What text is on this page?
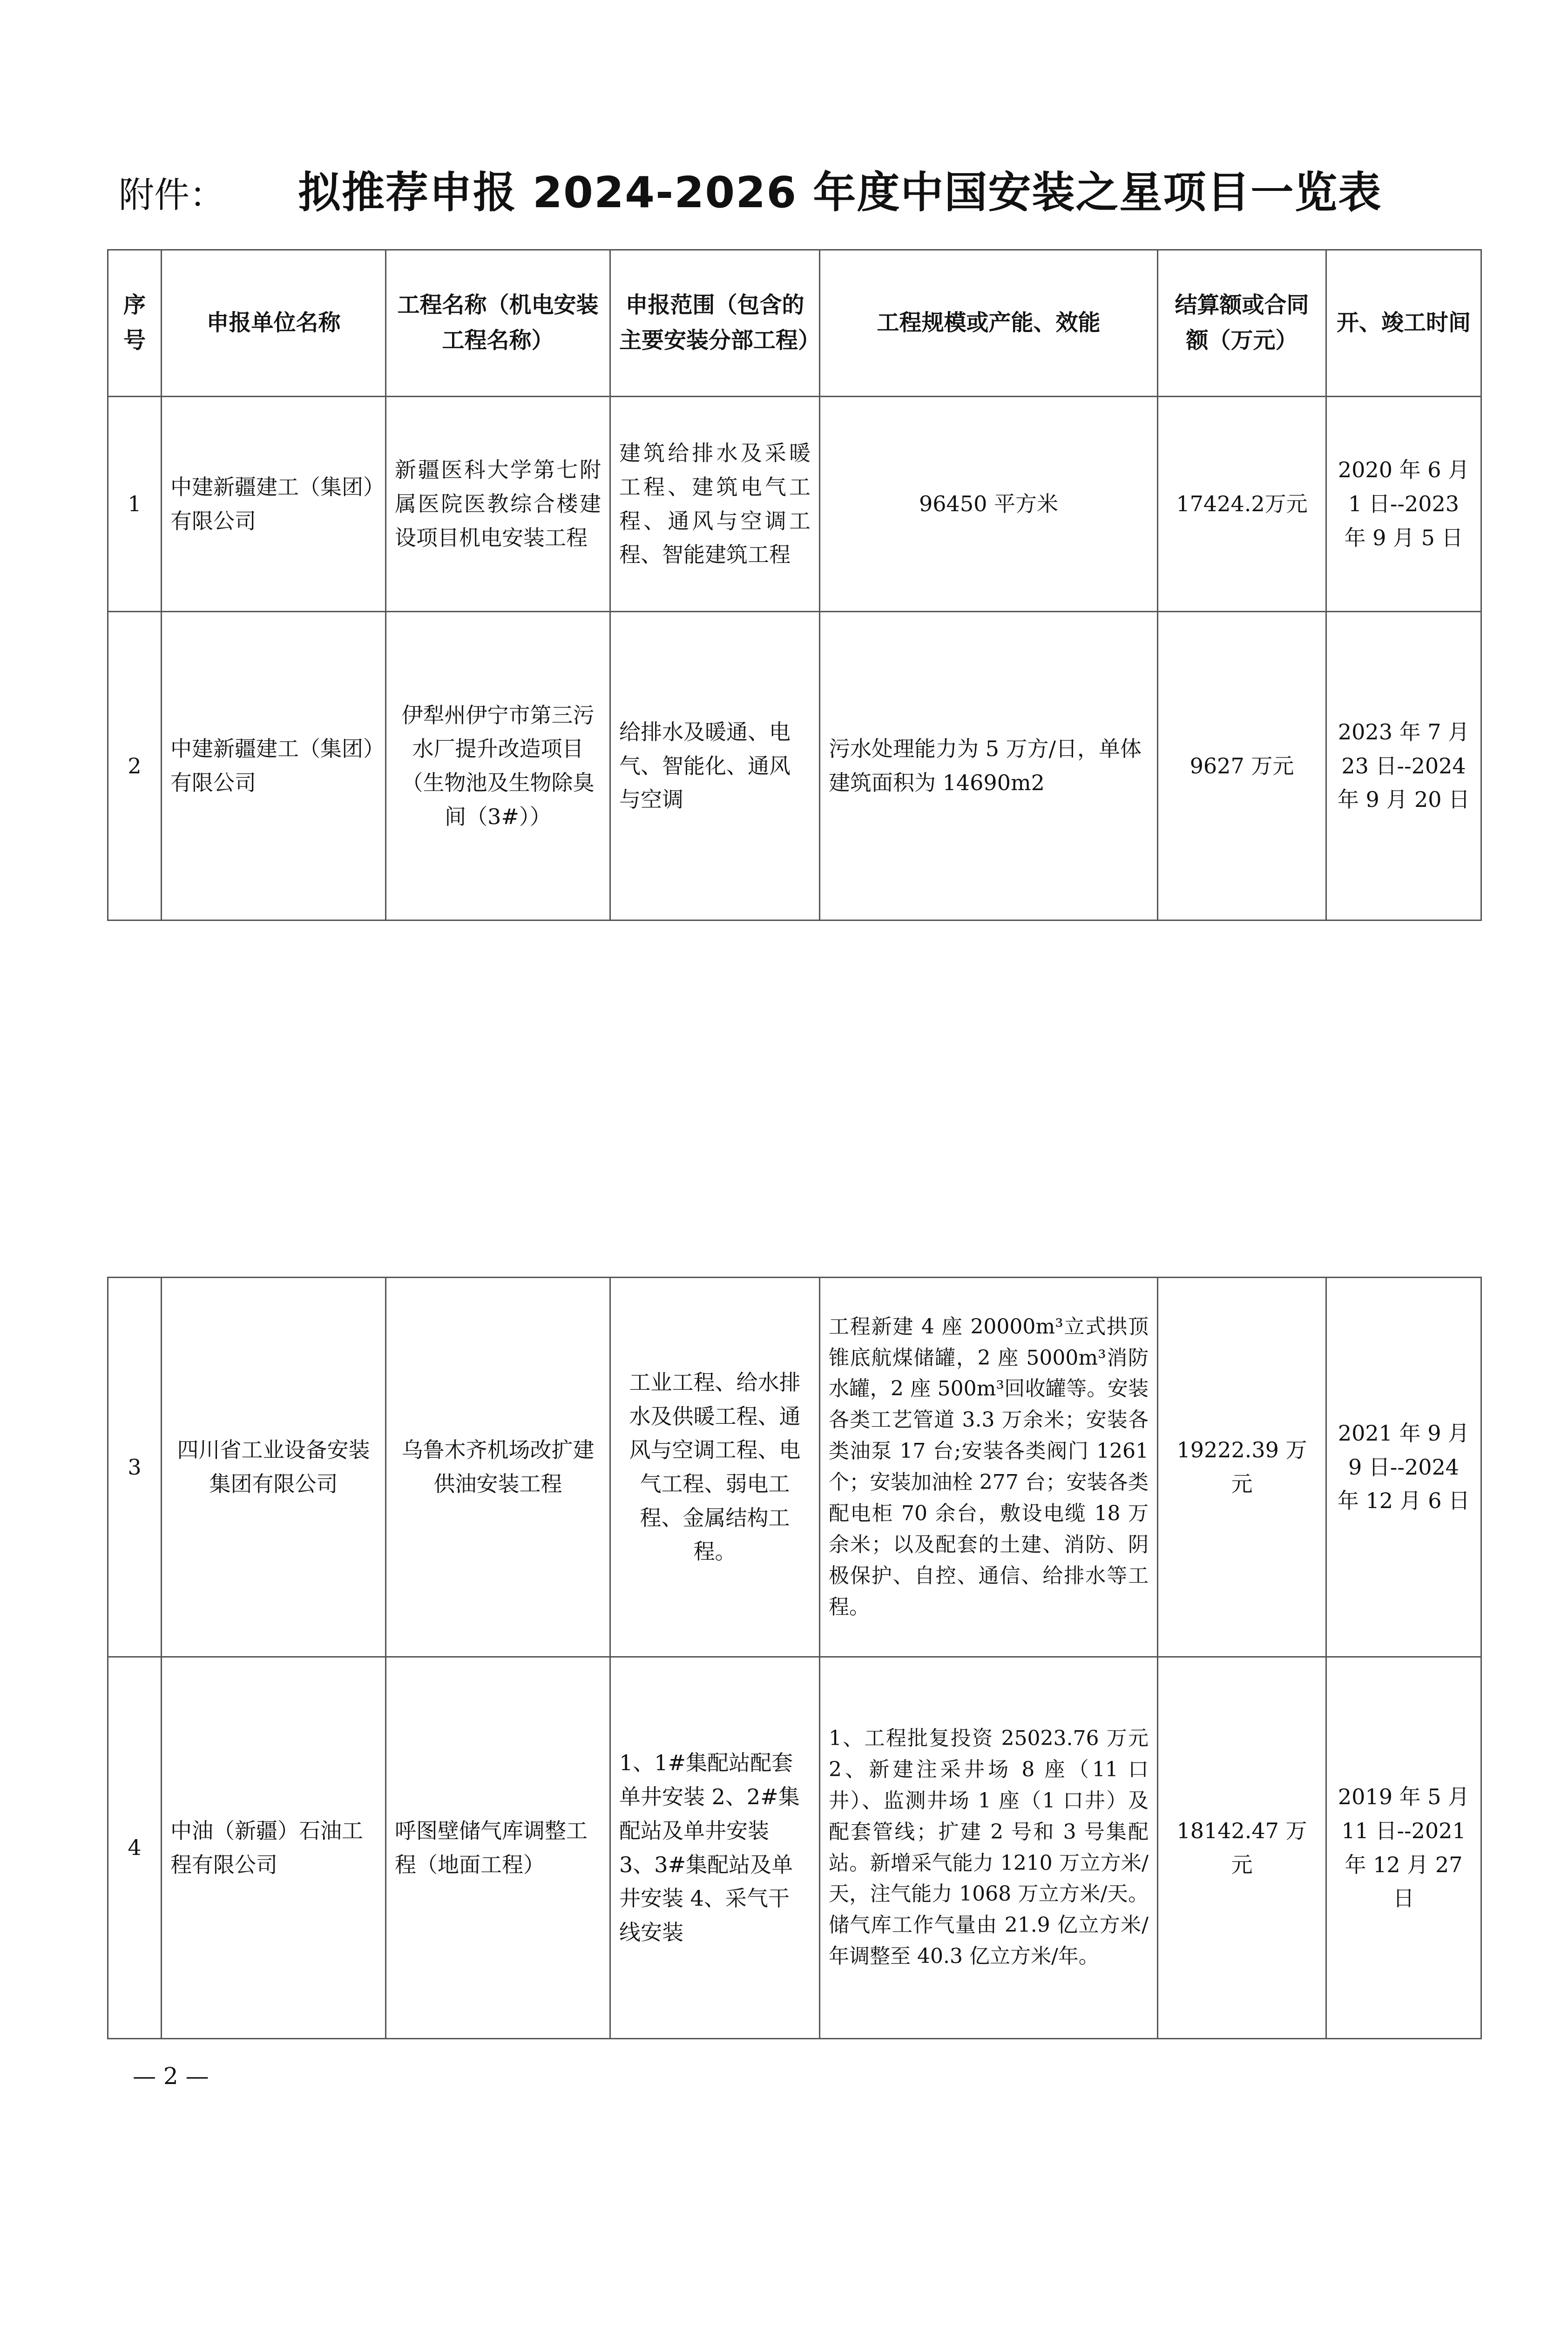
附件： 拟推荐申报 2024-2026 年度中国安装之星项目一览表
序号	申报单位名称	工程名称（机电安装工程名称）	申报范围（包含的主要安装分部工程）	工程规模或产能、效能	结算额或合同额（万元）	开、竣工时间
1	中建新疆建工（集团）有限公司	新疆医科大学第七附属医院医教综合楼建设项目机电安装工程	建筑给排水及采暖工程、建筑电气工程、通风与空调工程、智能建筑工程	96450 平方米	17424.2万元	2020 年 6 月 1 日--2023 年 9 月 5 日
2	中建新疆建工（集团）有限公司	伊犁州伊宁市第三污水厂提升改造项目（生物池及生物除臭间（3#））	给排水及暖通、电气、智能化、通风与空调	污水处理能力为 5 万方/日，单体建筑面积为 14690m2	9627 万元	2023 年 7 月 23 日--2024 年 9 月 20 日
3	四川省工业设备安装集团有限公司	乌鲁木齐机场改扩建供油安装工程	工业工程、给水排水及供暖工程、通风与空调工程、电气工程、弱电工程、金属结构工程。	工程新建 4 座 20000m³立式拱顶锥底航煤储罐，2 座 5000m³消防水罐，2 座 500m³回收罐等。安装各类工艺管道 3.3 万余米；安装各类油泵 17 台;安装各类阀门 1261 个；安装加油栓 277 台；安装各类配电柜 70 余台，敷设电缆 18 万余米；以及配套的土建、消防、阴极保护、自控、通信、给排水等工程。	19222.39 万元	2021 年 9 月 9 日--2024 年 12 月 6 日
4	中油（新疆）石油工程有限公司	呼图壁储气库调整工程（地面工程）	1、1#集配站配套单井安装 2、2#集配站及单井安装 3、3#集配站及单井安装 4、采气干线安装	1、工程批复投资 25023.76 万元 2、新建注采井场 8 座（11 口井）、监测井场 1 座（1 口井）及配套管线；扩建 2 号和 3 号集配站。新增采气能力 1210 万立方米/天，注气能力 1068 万立方米/天。储气库工作气量由 21.9 亿立方米/年调整至 40.3 亿立方米/年。	18142.47 万元	2019 年 5 月 11 日--2021 年 12 月 27 日
— 2 —
